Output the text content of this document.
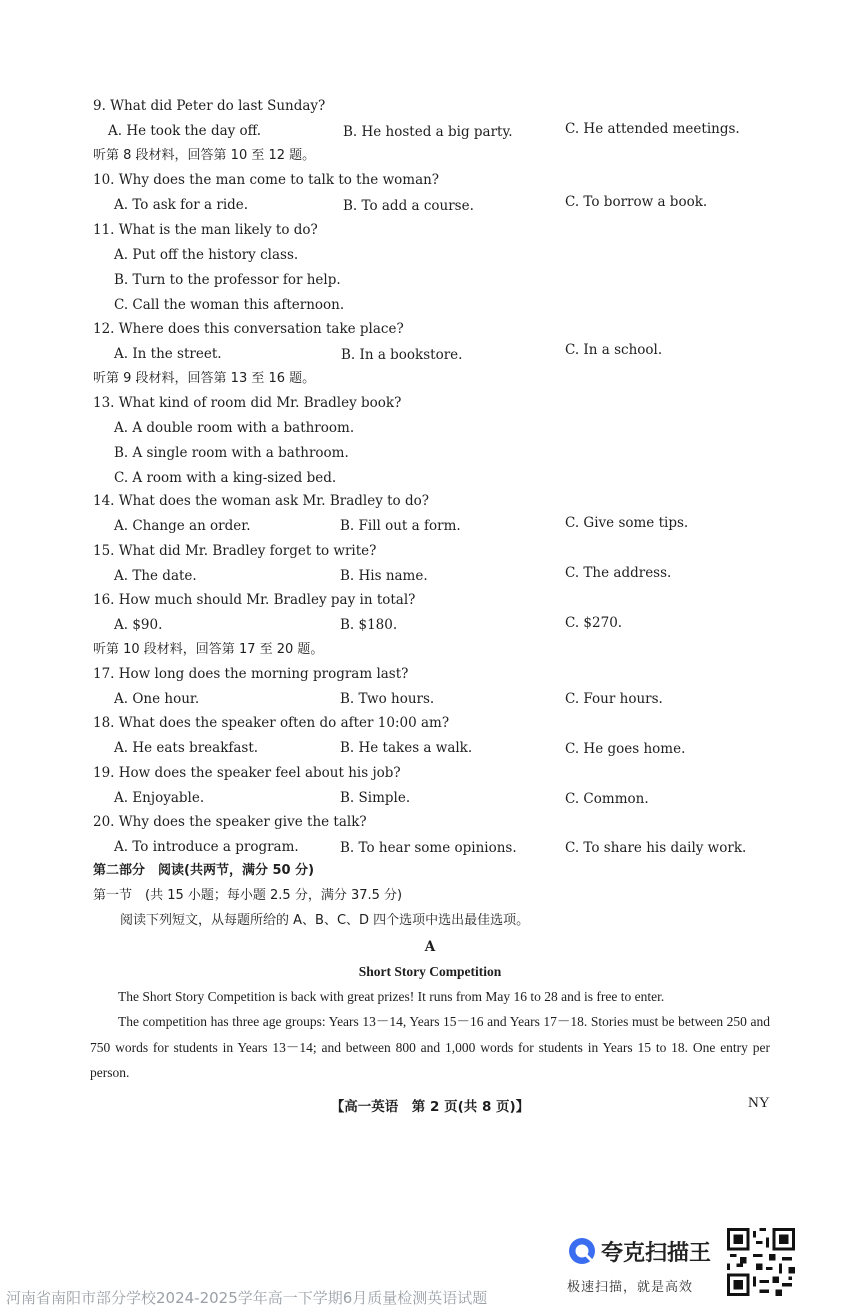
9. What did Peter do last Sunday?
A. He took the day off.	B. He hosted a big party.	C. He attended meetings.
听第 8 段材料，回答第 10 至 12 题。
10. Why does the man come to talk to the woman?
A. To ask for a ride.	B. To add a course.	C. To borrow a book.
11. What is the man likely to do?
A. Put off the history class.
B. Turn to the professor for help.
C. Call the woman this afternoon.
12. Where does this conversation take place?
A. In the street.	B. In a bookstore.	C. In a school.
听第 9 段材料，回答第 13 至 16 题。
13. What kind of room did Mr. Bradley book?
A. A double room with a bathroom.
B. A single room with a bathroom.
C. A room with a king-sized bed.
14. What does the woman ask Mr. Bradley to do?
A. Change an order.	B. Fill out a form.	C. Give some tips.
15. What did Mr. Bradley forget to write?
A. The date.	B. His name.	C. The address.
16. How much should Mr. Bradley pay in total?
A. $90.	B. $180.	C. $270.
听第 10 段材料，回答第 17 至 20 题。
17. How long does the morning program last?
A. One hour.	B. Two hours.	C. Four hours.
18. What does the speaker often do after 10:00 am?
A. He eats breakfast.	B. He takes a walk.	C. He goes home.
19. How does the speaker feel about his job?
A. Enjoyable.	B. Simple.	C. Common.
20. Why does the speaker give the talk?
A. To introduce a program.	B. To hear some opinions.	C. To share his daily work.
第二部分　阅读(共两节，满分 50 分)
第一节　(共 15 小题；每小题 2.5 分，满分 37.5 分)
阅读下列短文，从每题所给的 A、B、C、D 四个选项中选出最佳选项。
A
Short Story Competition
The Short Story Competition is back with great prizes! It runs from May 16 to 28 and is free to enter.
The competition has three age groups: Years 13－14, Years 15－16 and Years 17－18. Stories must be between 250 and 750 words for students in Years 13－14; and between 800 and 1,000 words for students in Years 15 to 18. One entry per person.
【高一英语　第 2 页(共 8 页)】	NY
夸克扫描王
极速扫描，就是高效
河南省南阳市部分学校2024-2025学年高一下学期6月质量检测英语试题
